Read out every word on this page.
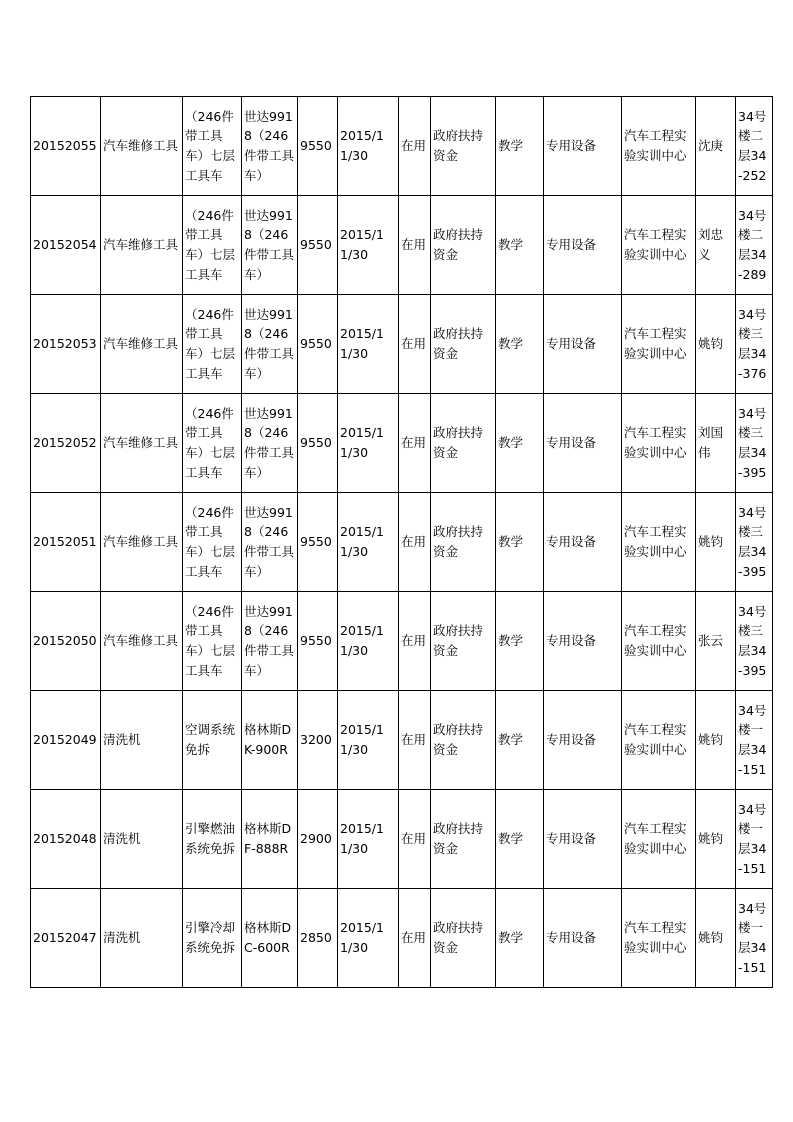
20152055	汽车维修工具	（246件带工具车）七层工具车	世达9918（246件带工具车）	9550	2015/11/30	在用	政府扶持资金	教学	专用设备	汽车工程实验实训中心	沈庚	34号楼二层34-252
20152054	汽车维修工具	（246件带工具车）七层工具车	世达9918（246件带工具车）	9550	2015/11/30	在用	政府扶持资金	教学	专用设备	汽车工程实验实训中心	刘忠义	34号楼二层34-289
20152053	汽车维修工具	（246件带工具车）七层工具车	世达9918（246件带工具车）	9550	2015/11/30	在用	政府扶持资金	教学	专用设备	汽车工程实验实训中心	姚钧	34号楼三层34-376
20152052	汽车维修工具	（246件带工具车）七层工具车	世达9918（246件带工具车）	9550	2015/11/30	在用	政府扶持资金	教学	专用设备	汽车工程实验实训中心	刘国伟	34号楼三层34-395
20152051	汽车维修工具	（246件带工具车）七层工具车	世达9918（246件带工具车）	9550	2015/11/30	在用	政府扶持资金	教学	专用设备	汽车工程实验实训中心	姚钧	34号楼三层34-395
20152050	汽车维修工具	（246件带工具车）七层工具车	世达9918（246件带工具车）	9550	2015/11/30	在用	政府扶持资金	教学	专用设备	汽车工程实验实训中心	张云	34号楼三层34-395
20152049	清洗机	空调系统免拆	格林斯DK-900R	3200	2015/11/30	在用	政府扶持资金	教学	专用设备	汽车工程实验实训中心	姚钧	34号楼一层34-151
20152048	清洗机	引擎燃油系统免拆	格林斯DF-888R	2900	2015/11/30	在用	政府扶持资金	教学	专用设备	汽车工程实验实训中心	姚钧	34号楼一层34-151
20152047	清洗机	引擎冷却系统免拆	格林斯DC-600R	2850	2015/11/30	在用	政府扶持资金	教学	专用设备	汽车工程实验实训中心	姚钧	34号楼一层34-151
